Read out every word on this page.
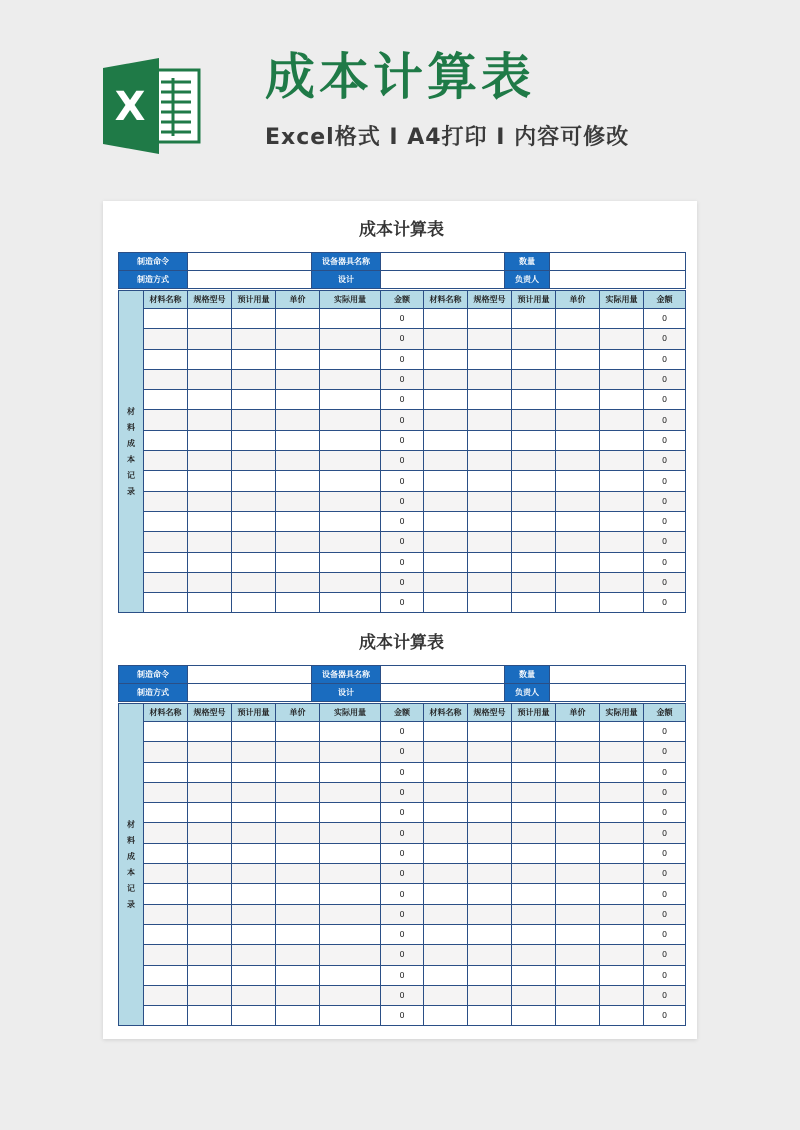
X
成本计算表

Excel格式 I A4打印 I 内容可修改

成本计算表
制造命令		设备器具名称		数量	
制造方式		设计		负责人	
材料成本记录	材料名称	规格型号	预计用量	单价	实际用量	金额	材料名称	规格型号	预计用量	单价	实际用量	金额
						0						0
						0						0
						0						0
						0						0
						0						0
						0						0
						0						0
						0						0
						0						0
						0						0
						0						0
						0						0
						0						0
						0						0
						0						0
成本计算表
制造命令		设备器具名称		数量	
制造方式		设计		负责人	
材料成本记录	材料名称	规格型号	预计用量	单价	实际用量	金额	材料名称	规格型号	预计用量	单价	实际用量	金额
						0						0
						0						0
						0						0
						0						0
						0						0
						0						0
						0						0
						0						0
						0						0
						0						0
						0						0
						0						0
						0						0
						0						0
						0						0
